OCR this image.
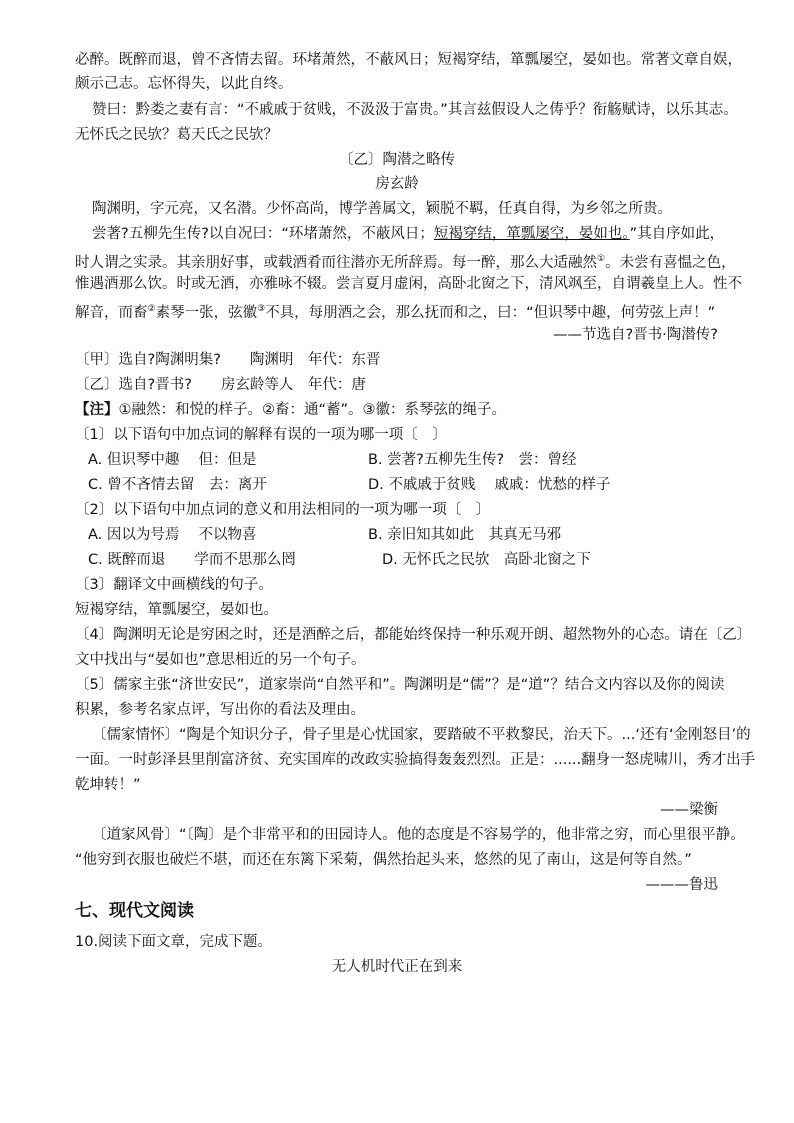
必醉。既醉而退，曾不吝情去留。环堵萧然，不蔽风日；短褐穿结，箪瓢屡空，晏如也。常著文章自娱，
颇示己志。忘怀得失，以此自终。
赞曰：黔娄之妻有言：“不戚戚于贫贱，不汲汲于富贵。”其言兹假设人之俦乎？衔觞赋诗，以乐其志。
无怀氏之民欤？葛天氏之民欤？
〔乙〕陶潜之略传
房玄龄
陶渊明，字元亮，又名潜。少怀高尚，博学善属文，颖脱不羁，任真自得，为乡邻之所贵。
尝著?五柳先生传?以自况曰：“环堵萧然，不蔽风日；短褐穿结，箪瓢屡空，晏如也。”其自序如此，
时人谓之实录。其亲朋好事，或载酒肴而往潜亦无所辞焉。每一醉，那么大适融然①。未尝有喜愠之色，
惟遇酒那么饮。时或无酒，亦雅咏不辍。尝言夏月虚闲，高卧北窗之下，清风飒至，自谓羲皇上人。性不
解音，而畜②素琴一张，弦徽③不具，每朋酒之会，那么抚而和之，曰：“但识琴中趣，何劳弦上声！”
——节选自?晋书·陶潜传?
〔甲〕选自?陶渊明集?　　陶渊明　年代：东晋
〔乙〕选自?晋书?　　房玄龄等人　年代：唐
【注】①融然：和悦的样子。②畜：通“蓄”。③徽：系琴弦的绳子。
〔1〕以下语句中加点词的解释有误的一项为哪一项〔　〕
A. 但识琴中趣　 但：但是	B. 尝著?五柳先生传?　尝：曾经
C. 曾不吝情去留　去：离开	D. 不戚戚于贫贱　 戚戚：忧愁的样子
〔2〕以下语句中加点词的意义和用法相同的一项为哪一项〔　〕
A. 因以为号焉　 不以物喜	B. 亲旧知其如此　其真无马邪
C. 既醉而退　　学而不思那么罔	D. 无怀氏之民欤　高卧北窗之下
〔3〕翻译文中画横线的句子。
短褐穿结，箪瓢屡空，晏如也。
〔4〕陶渊明无论是穷困之时，还是酒醉之后，都能始终保持一种乐观开朗、超然物外的心态。请在〔乙〕
文中找出与“晏如也”意思相近的另一个句子。
〔5〕儒家主张“济世安民”，道家崇尚“自然平和”。陶渊明是“儒”？是“道”？结合文内容以及你的阅读
积累，参考名家点评，写出你的看法及理由。
〔儒家情怀〕“陶是个知识分子，骨子里是心忧国家，要踏破不平救黎民，治天下。...‘还有‘金刚怒目’的
一面。一时彭泽县里削富济贫、充实国库的改政实验搞得轰轰烈烈。正是：......翻身一怒虎啸川，秀才出手
乾坤转！”
——梁衡
〔道家风骨〕“〔陶〕是个非常平和的田园诗人。他的态度是不容易学的，他非常之穷，而心里很平静。
“他穷到衣服也破烂不堪，而还在东篱下采菊，偶然抬起头来，悠然的见了南山，这是何等自然。”
———鲁迅
七、现代文阅读
10.阅读下面文章，完成下题。
无人机时代正在到来
